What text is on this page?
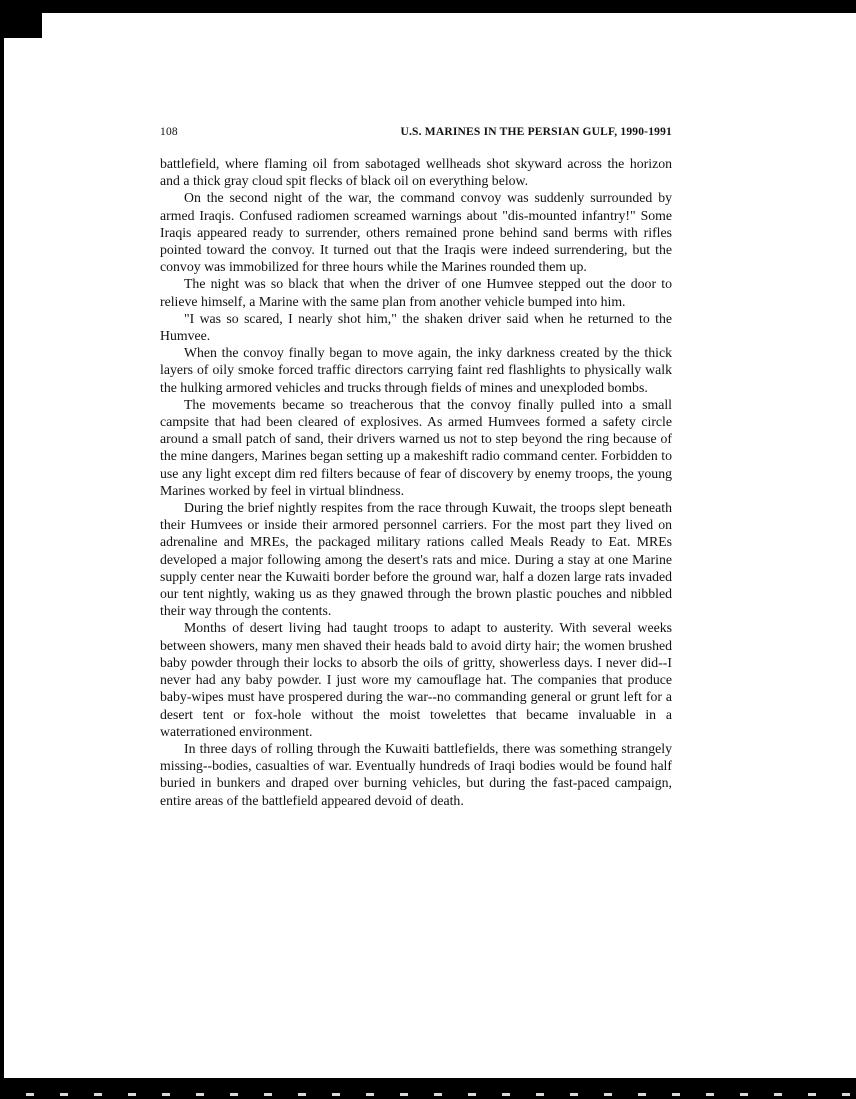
108	U.S. MARINES IN THE PERSIAN GULF, 1990-1991

battlefield, where flaming oil from sabotaged wellheads shot skyward across the horizon and a thick gray cloud spit flecks of black oil on everything below.

On the second night of the war, the command convoy was suddenly surrounded by armed Iraqis. Confused radiomen screamed warnings about "dis-mounted infantry!" Some Iraqis appeared ready to surrender, others remained prone behind sand berms with rifles pointed toward the convoy. It turned out that the Iraqis were indeed surrendering, but the convoy was immobilized for three hours while the Marines rounded them up.

The night was so black that when the driver of one Humvee stepped out the door to relieve himself, a Marine with the same plan from another vehicle bumped into him.

"I was so scared, I nearly shot him," the shaken driver said when he returned to the Humvee.

When the convoy finally began to move again, the inky darkness created by the thick layers of oily smoke forced traffic directors carrying faint red flashlights to physically walk the hulking armored vehicles and trucks through fields of mines and unexploded bombs.

The movements became so treacherous that the convoy finally pulled into a small campsite that had been cleared of explosives. As armed Humvees formed a safety circle around a small patch of sand, their drivers warned us not to step beyond the ring because of the mine dangers, Marines began setting up a makeshift radio command center. Forbidden to use any light except dim red filters because of fear of discovery by enemy troops, the young Marines worked by feel in virtual blindness.

During the brief nightly respites from the race through Kuwait, the troops slept beneath their Humvees or inside their armored personnel carriers. For the most part they lived on adrenaline and MREs, the packaged military rations called Meals Ready to Eat. MREs developed a major following among the desert's rats and mice. During a stay at one Marine supply center near the Kuwaiti border before the ground war, half a dozen large rats invaded our tent nightly, waking us as they gnawed through the brown plastic pouches and nibbled their way through the contents.

Months of desert living had taught troops to adapt to austerity. With several weeks between showers, many men shaved their heads bald to avoid dirty hair; the women brushed baby powder through their locks to absorb the oils of gritty, showerless days. I never did--I never had any baby powder. I just wore my camouflage hat. The companies that produce baby-wipes must have prospered during the war--no commanding general or grunt left for a desert tent or fox-hole without the moist towelettes that became invaluable in a waterrationed environment.

In three days of rolling through the Kuwaiti battlefields, there was something strangely missing--bodies, casualties of war. Eventually hundreds of Iraqi bodies would be found half buried in bunkers and draped over burning vehicles, but during the fast-paced campaign, entire areas of the battlefield appeared devoid of death.
